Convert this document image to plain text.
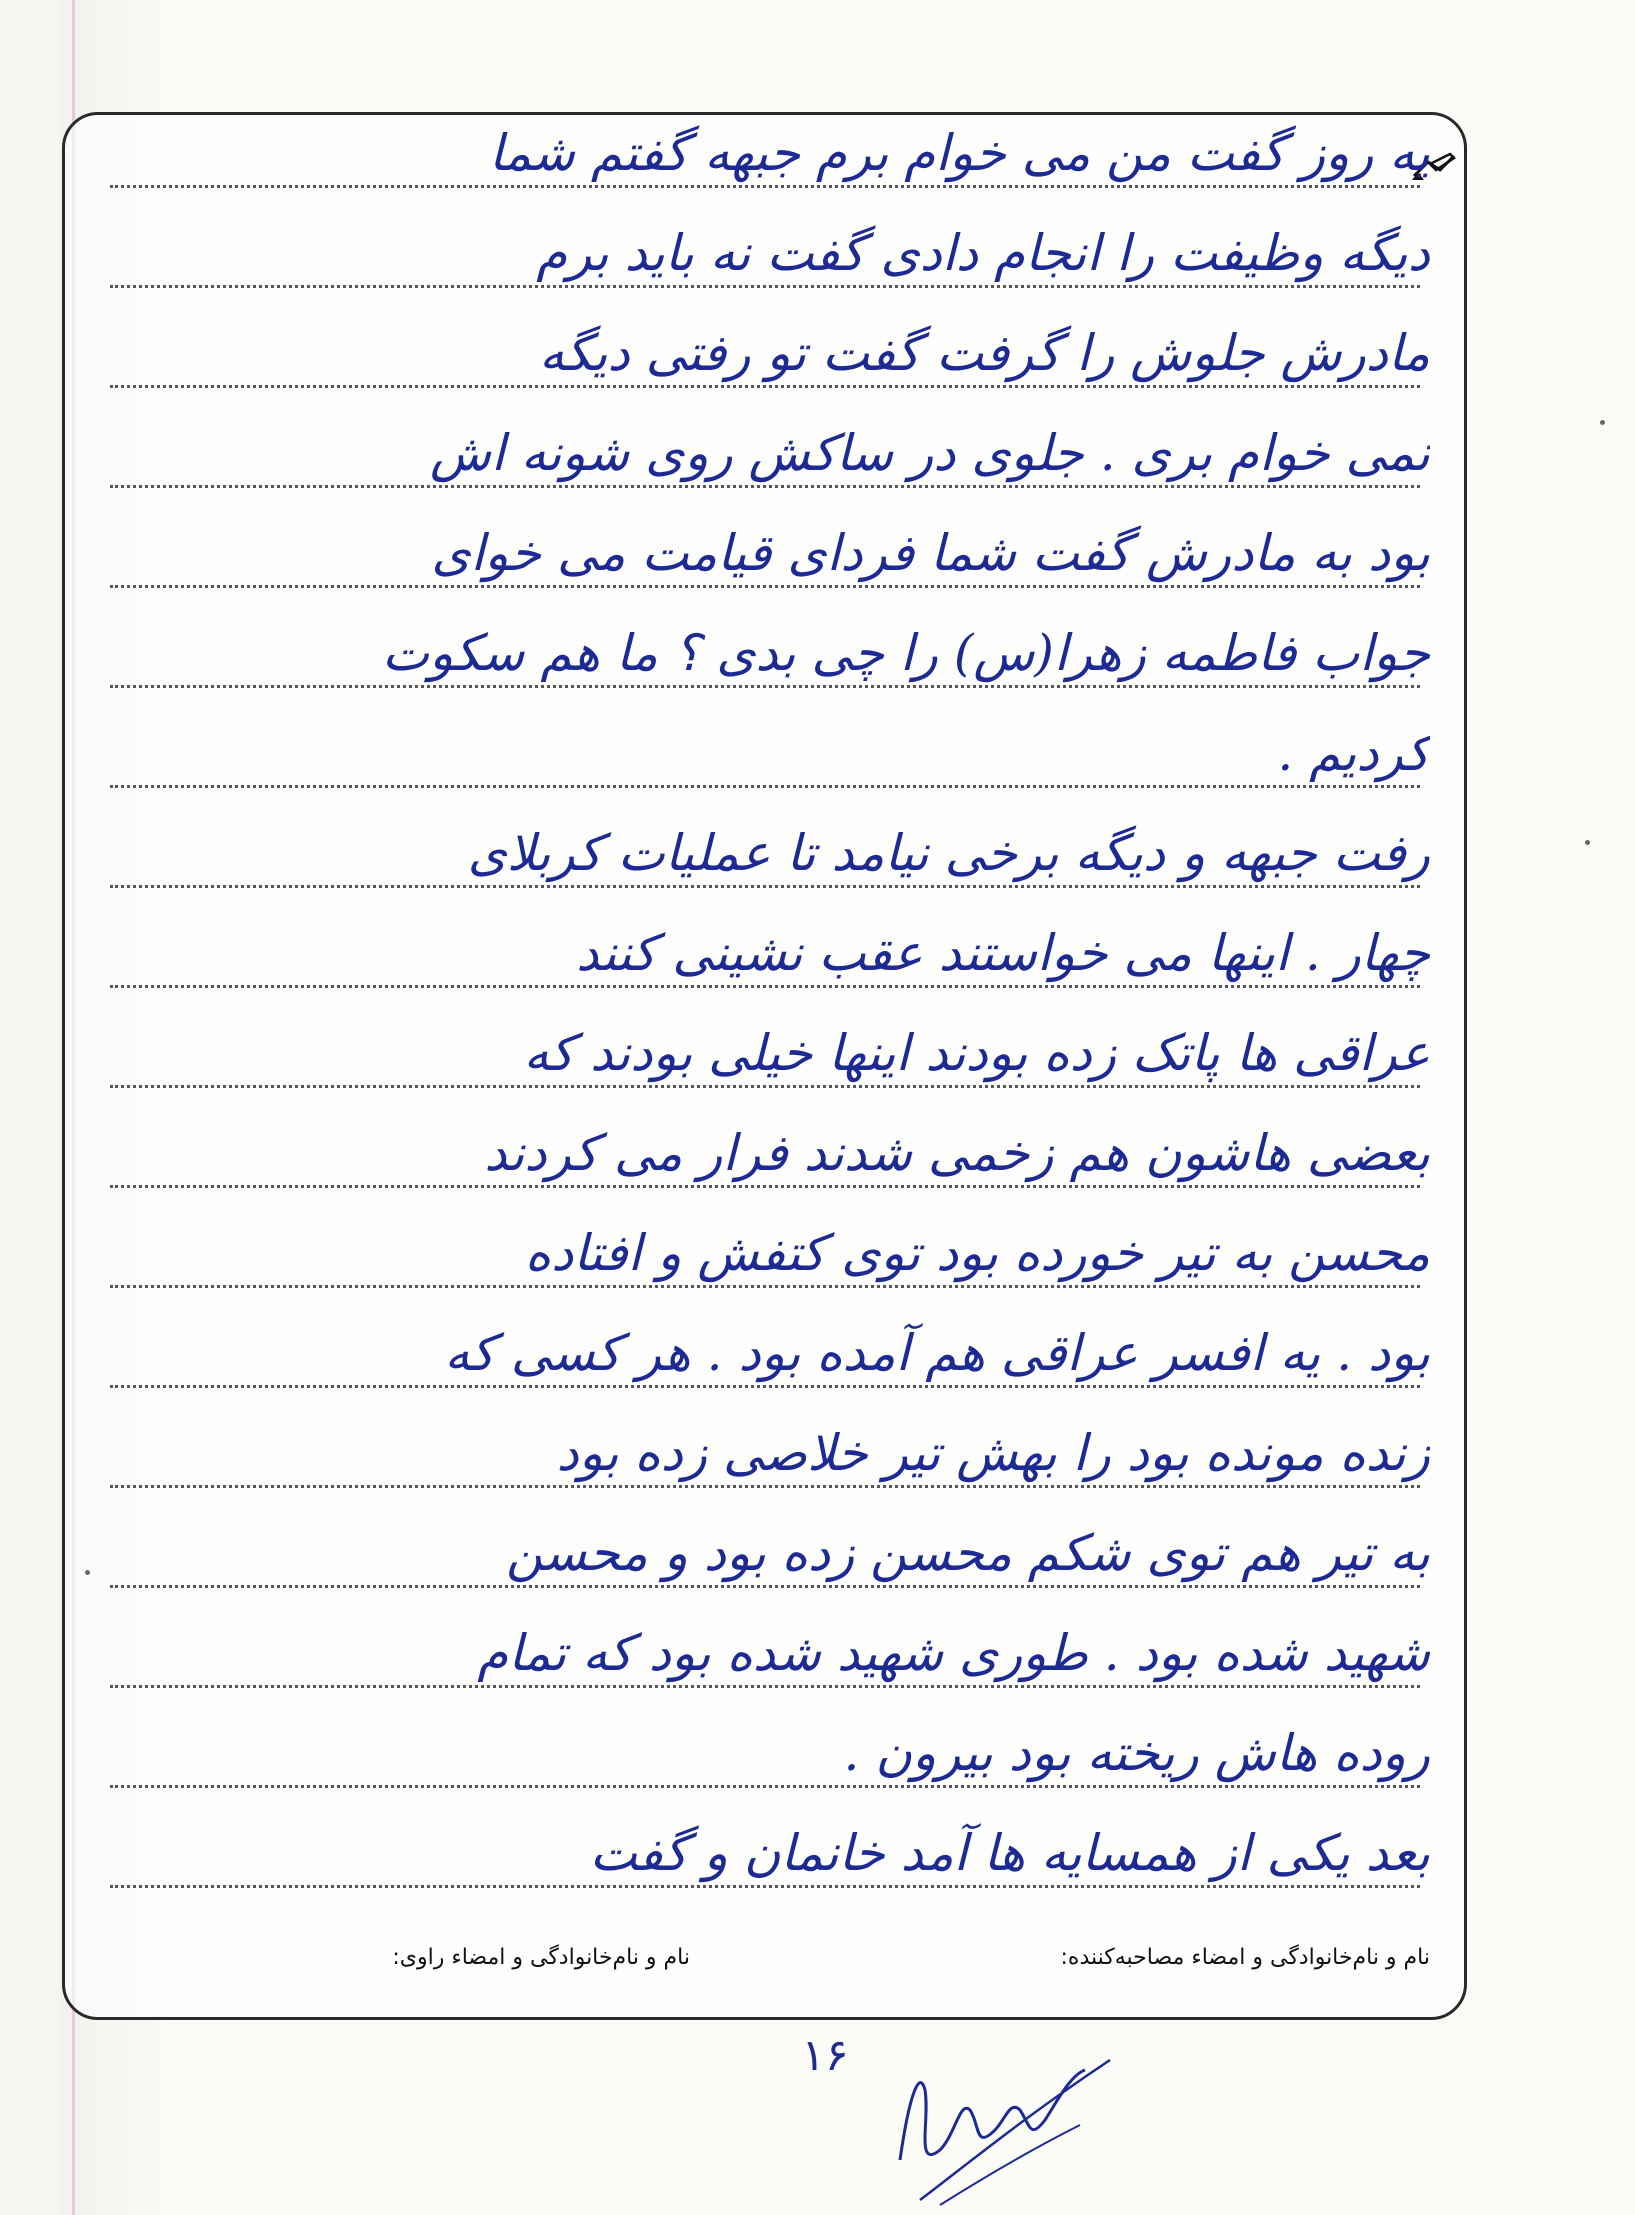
یه روز گفت من می خوام برم جبهه گفتم شما
دیگه وظیفت را انجام دادی گفت نه باید برم
مادرش جلوش را گرفت گفت تو رفتی دیگه
نمی خوام بری . جلوی در ساکش روی شونه اش
بود به مادرش گفت شما فردای قیامت می خوای
جواب فاطمه زهرا(س) را چی بدی ؟ ما هم سکوت
کردیم .
رفت جبهه و دیگه برخی نیامد تا عملیات کربلای
چهار . اینها می خواستند عقب نشینی کنند
عراقی ها پاتک زده بودند اینها خیلی بودند که
بعضی هاشون هم زخمی شدند فرار می کردند
محسن به تیر خورده بود توی کتفش و افتاده
بود . یه افسر عراقی هم آمده بود . هر کسی که
زنده مونده بود را بهش تیر خلاصی زده بود
به تیر هم توی شکم محسن زده بود و محسن
شهید شده بود . طوری شهید شده بود که تمام
روده هاش ریخته بود بیرون .
بعد یکی از همسایه ها آمد خانمان و گفت
نام و نام‌خانوادگی و امضاء مصاحبه‌کننده:
نام و نام‌خانوادگی و امضاء راوی:
۱۶
